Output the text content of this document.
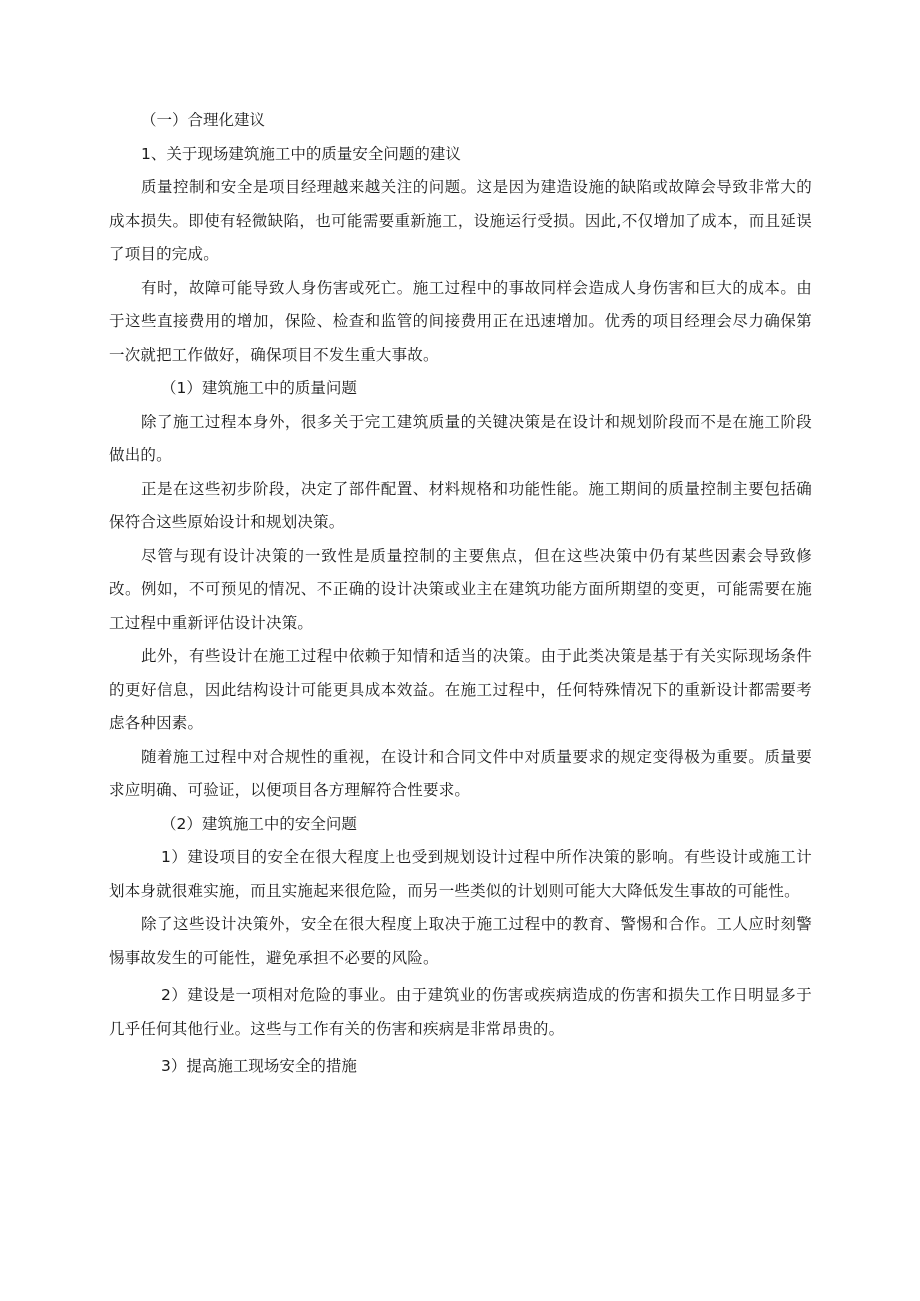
（一）合理化建议

1、关于现场建筑施工中的质量安全问题的建议

质量控制和安全是项目经理越来越关注的问题。这是因为建造设施的缺陷或故障会导致非常大的成本损失。即使有轻微缺陷，也可能需要重新施工，设施运行受损。因此,不仅增加了成本，而且延误了项目的完成。

有时，故障可能导致人身伤害或死亡。施工过程中的事故同样会造成人身伤害和巨大的成本。由于这些直接费用的增加，保险、检查和监管的间接费用正在迅速增加。优秀的项目经理会尽力确保第一次就把工作做好，确保项目不发生重大事故。

（1）建筑施工中的质量问题

除了施工过程本身外，很多关于完工建筑质量的关键决策是在设计和规划阶段而不是在施工阶段做出的。

正是在这些初步阶段，决定了部件配置、材料规格和功能性能。施工期间的质量控制主要包括确保符合这些原始设计和规划决策。

尽管与现有设计决策的一致性是质量控制的主要焦点，但在这些决策中仍有某些因素会导致修改。例如，不可预见的情况、不正确的设计决策或业主在建筑功能方面所期望的变更，可能需要在施工过程中重新评估设计决策。

此外，有些设计在施工过程中依赖于知情和适当的决策。由于此类决策是基于有关实际现场条件的更好信息，因此结构设计可能更具成本效益。在施工过程中，任何特殊情况下的重新设计都需要考虑各种因素。

随着施工过程中对合规性的重视，在设计和合同文件中对质量要求的规定变得极为重要。质量要求应明确、可验证，以便项目各方理解符合性要求。

（2）建筑施工中的安全问题

1）建设项目的安全在很大程度上也受到规划设计过程中所作决策的影响。有些设计或施工计划本身就很难实施，而且实施起来很危险，而另一些类似的计划则可能大大降低发生事故的可能性。

除了这些设计决策外，安全在很大程度上取决于施工过程中的教育、警惕和合作。工人应时刻警惕事故发生的可能性，避免承担不必要的风险。

2）建设是一项相对危险的事业。由于建筑业的伤害或疾病造成的伤害和损失工作日明显多于几乎任何其他行业。这些与工作有关的伤害和疾病是非常昂贵的。

3）提高施工现场安全的措施
